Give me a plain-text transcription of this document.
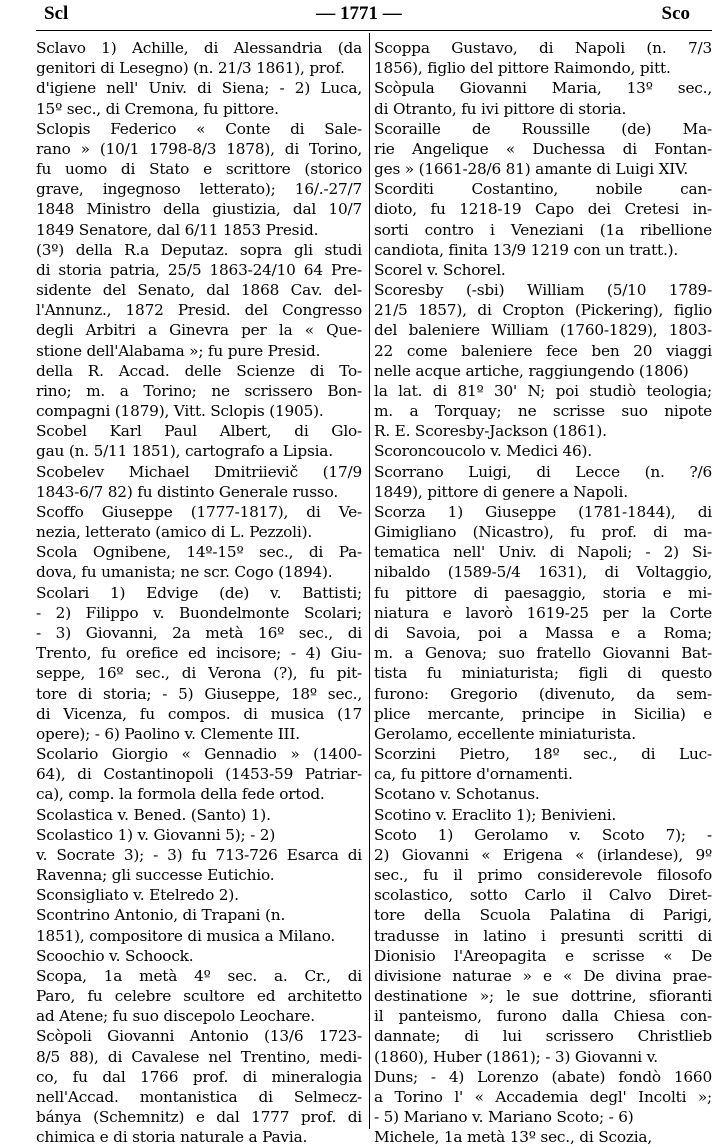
Scl	— 1771 —	Sco
Sclavo 1) Achille, di Alessandria (da
genitori di Lesegno) (n. 21/3 1861), prof.
d'igiene nell' Univ. di Siena; - 2) Luca,
15º sec., di Cremona, fu pittore.
Sclopis Federico « Conte di Sale-
rano » (10/1 1798-8/3 1878), di Torino,
fu uomo di Stato e scrittore (storico
grave, ingegnoso letterato); 16/.-27/7
1848 Ministro della giustizia, dal 10/7
1849 Senatore, dal 6/11 1853 Presid.
(3º) della R.a Deputaz. sopra gli studi
di storia patria, 25/5 1863-24/10 64 Pre-
sidente del Senato, dal 1868 Cav. del-
l'Annunz., 1872 Presid. del Congresso
degli Arbitri a Ginevra per la « Que-
stione dell'Alabama »; fu pure Presid.
della R. Accad. delle Scienze di To-
rino; m. a Torino; ne scrissero Bon-
compagni (1879), Vitt. Sclopis (1905).
Scobel Karl Paul Albert, di Glo-
gau (n. 5/11 1851), cartografo a Lipsia.
Scobelev Michael Dmitriievič (17/9
1843-6/7 82) fu distinto Generale russo.
Scoffo Giuseppe (1777-1817), di Ve-
nezia, letterato (amico di L. Pezzoli).
Scola Ognibene, 14º-15º sec., di Pa-
dova, fu umanista; ne scr. Cogo (1894).
Scolari 1) Edvige (de) v. Battisti;
- 2) Filippo v. Buondelmonte Scolari;
- 3) Giovanni, 2a metà 16º sec., di
Trento, fu orefice ed incisore; - 4) Giu-
seppe, 16º sec., di Verona (?), fu pit-
tore di storia; - 5) Giuseppe, 18º sec.,
di Vicenza, fu compos. di musica (17
opere); - 6) Paolino v. Clemente III.
Scolario Giorgio « Gennadio » (1400-
64), di Costantinopoli (1453-59 Patriar-
ca), comp. la formola della fede ortod.
Scolastica v. Bened. (Santo) 1).
Scolastico 1) v. Giovanni 5); - 2)
v. Socrate 3); - 3) fu 713-726 Esarca di
Ravenna; gli successe Eutichio.
Sconsigliato v. Etelredo 2).
Scontrino Antonio, di Trapani (n.
1851), compositore di musica a Milano.
Scoochio v. Schoock.
Scopa, 1a metà 4º sec. a. Cr., di
Paro, fu celebre scultore ed architetto
ad Atene; fu suo discepolo Leochare.
Scòpoli Giovanni Antonio (13/6 1723-
8/5 88), di Cavalese nel Trentino, medi-
co, fu dal 1766 prof. di mineralogia
nell'Accad. montanistica di Selmecz-
bánya (Schemnitz) e dal 1777 prof. di
chimica e di storia naturale a Pavia.
Scoppa Gustavo, di Napoli (n. 7/3
1856), figlio del pittore Raimondo, pitt.
Scòpula Giovanni Maria, 13º sec.,
di Otranto, fu ivi pittore di storia.
Scoraille de Roussille (de) Ma-
rie Angelique « Duchessa di Fontan-
ges » (1661-28/6 81) amante di Luigi XIV.
Scorditi Costantino, nobile can-
dioto, fu 1218-19 Capo dei Cretesi in-
sorti contro i Veneziani (1a ribellione
candiota, finita 13/9 1219 con un tratt.).
Scorel v. Schorel.
Scoresby (-sbi) William (5/10 1789-
21/5 1857), di Cropton (Pickering), figlio
del baleniere William (1760-1829), 1803-
22 come baleniere fece ben 20 viaggi
nelle acque artiche, raggiungendo (1806)
la lat. di 81º 30' N; poi studiò teologia;
m. a Torquay; ne scrisse suo nipote
R. E. Scoresby-Jackson (1861).
Scoroncoucolo v. Medici 46).
Scorrano Luigi, di Lecce (n. ?/6
1849), pittore di genere a Napoli.
Scorza 1) Giuseppe (1781-1844), di
Gimigliano (Nicastro), fu prof. di ma-
tematica nell' Univ. di Napoli; - 2) Si-
nibaldo (1589-5/4 1631), di Voltaggio,
fu pittore di paesaggio, storia e mi-
niatura e lavorò 1619-25 per la Corte
di Savoia, poi a Massa e a Roma;
m. a Genova; suo fratello Giovanni Bat-
tista fu miniaturista; figli di questo
furono: Gregorio (divenuto, da sem-
plice mercante, principe in Sicilia) e
Gerolamo, eccellente miniaturista.
Scorzini Pietro, 18º sec., di Luc-
ca, fu pittore d'ornamenti.
Scotano v. Schotanus.
Scotino v. Eraclito 1); Benivieni.
Scoto 1) Gerolamo v. Scoto 7); -
2) Giovanni « Erigena « (irlandese), 9º
sec., fu il primo considerevole filosofo
scolastico, sotto Carlo il Calvo Diret-
tore della Scuola Palatina di Parigi,
tradusse in latino i presunti scritti di
Dionisio l'Areopagita e scrisse « De
divisione naturae » e « De divina prae-
destinatione »; le sue dottrine, sfioranti
il panteismo, furono dalla Chiesa con-
dannate; di lui scrissero Christlieb
(1860), Huber (1861); - 3) Giovanni v.
Duns; - 4) Lorenzo (abate) fondò 1660
a Torino l' « Accademia degl' Incolti »;
- 5) Mariano v. Mariano Scoto; - 6)
Michele, 1a metà 13º sec., di Scozia,
